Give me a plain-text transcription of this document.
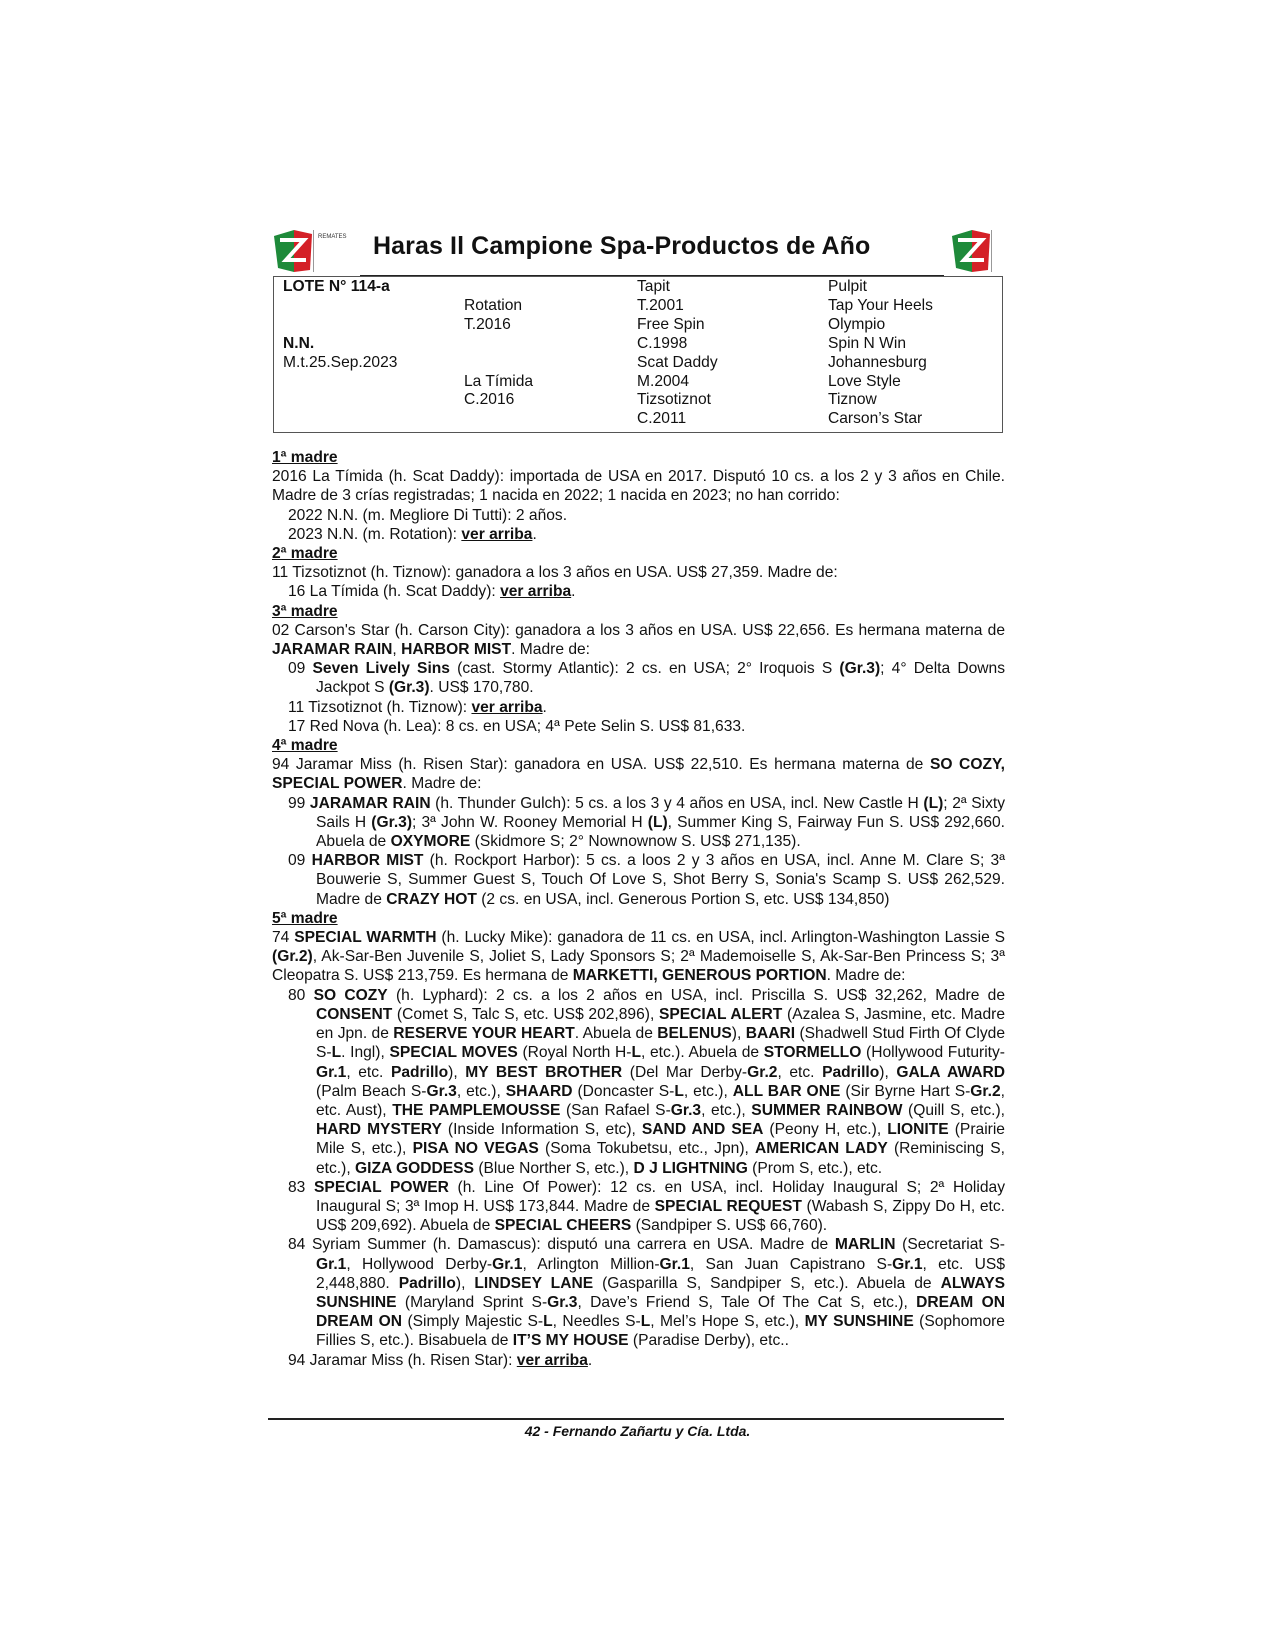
REMATES Haras Il Campione Spa-Productos de Año
LOTE N° 114-a
N.N.
M.t.25.Sep.2023
Rotation
T.2016
La Tímida
C.2016
Tapit
T.2001
Free Spin
C.1998
Scat Daddy
M.2004
Tizsotiznot
C.2011
Pulpit
Tap Your Heels
Olympio
Spin N Win
Johannesburg
Love Style
Tiznow
Carson’s Star

1ª madre

2016 La Tímida (h. Scat Daddy): importada de USA en 2017. Disputó 10 cs. a los 2 y 3 años en Chile. Madre de 3 crías registradas; 1 nacida en 2022; 1 nacida en 2023; no han corrido:

2022 N.N. (m. Megliore Di Tutti): 2 años.

2023 N.N. (m. Rotation): ver arriba.

2ª madre

11 Tizsotiznot (h. Tiznow): ganadora a los 3 años en USA. US$ 27,359. Madre de:

16 La Tímida (h. Scat Daddy): ver arriba.

3ª madre

02 Carson's Star (h. Carson City): ganadora a los 3 años en USA. US$ 22,656. Es hermana materna de JARAMAR RAIN, HARBOR MIST. Madre de:

09 Seven Lively Sins (cast. Stormy Atlantic): 2 cs. en USA; 2° Iroquois S (Gr.3); 4° Delta Downs Jackpot S (Gr.3). US$ 170,780.

11 Tizsotiznot (h. Tiznow): ver arriba.

17 Red Nova (h. Lea): 8 cs. en USA; 4ª Pete Selin S. US$ 81,633.

4ª madre

94 Jaramar Miss (h. Risen Star): ganadora en USA. US$ 22,510. Es hermana materna de SO COZY, SPECIAL POWER. Madre de:

99 JARAMAR RAIN (h. Thunder Gulch): 5 cs. a los 3 y 4 años en USA, incl. New Castle H (L); 2ª Sixty Sails H (Gr.3); 3ª John W. Rooney Memorial H (L), Summer King S, Fairway Fun S. US$ 292,660. Abuela de OXYMORE (Skidmore S; 2° Nownownow S. US$ 271,135).

09 HARBOR MIST (h. Rockport Harbor): 5 cs. a loos 2 y 3 años en USA, incl. Anne M. Clare S; 3ª Bouwerie S, Summer Guest S, Touch Of Love S, Shot Berry S, Sonia's Scamp S. US$ 262,529. Madre de CRAZY HOT (2 cs. en USA, incl. Generous Portion S, etc. US$ 134,850)

5ª madre

74 SPECIAL WARMTH (h. Lucky Mike): ganadora de 11 cs. en USA, incl. Arlington-Washington Lassie S (Gr.2), Ak-Sar-Ben Juvenile S, Joliet S, Lady Sponsors S; 2ª Mademoiselle S, Ak-Sar-Ben Princess S; 3ª Cleopatra S. US$ 213,759. Es hermana de MARKETTI, GENEROUS PORTION. Madre de:

80 SO COZY (h. Lyphard): 2 cs. a los 2 años en USA, incl. Priscilla S. US$ 32,262, Madre de CONSENT (Comet S, Talc S, etc. US$ 202,896), SPECIAL ALERT (Azalea S, Jasmine, etc. Madre en Jpn. de RESERVE YOUR HEART. Abuela de BELENUS), BAARI (Shadwell Stud Firth Of Clyde S-L. Ingl), SPECIAL MOVES (Royal North H-L, etc.). Abuela de STORMELLO (Hollywood Futurity-Gr.1, etc. Padrillo), MY BEST BROTHER (Del Mar Derby-Gr.2, etc. Padrillo), GALA AWARD (Palm Beach S-Gr.3, etc.), SHAARD (Doncaster S-L, etc.), ALL BAR ONE (Sir Byrne Hart S-Gr.2, etc. Aust), THE PAMPLEMOUSSE (San Rafael S-Gr.3, etc.), SUMMER RAINBOW (Quill S, etc.), HARD MYSTERY (Inside Information S, etc), SAND AND SEA (Peony H, etc.), LIONITE (Prairie Mile S, etc.), PISA NO VEGAS (Soma Tokubetsu, etc., Jpn), AMERICAN LADY (Reminiscing S, etc.), GIZA GODDESS (Blue Norther S, etc.), D J LIGHTNING (Prom S, etc.), etc.

83 SPECIAL POWER (h. Line Of Power): 12 cs. en USA, incl. Holiday Inaugural S; 2ª Holiday Inaugural S; 3ª Imop H. US$ 173,844. Madre de SPECIAL REQUEST (Wabash S, Zippy Do H, etc. US$ 209,692). Abuela de SPECIAL CHEERS (Sandpiper S. US$ 66,760).

84 Syriam Summer (h. Damascus): disputó una carrera en USA. Madre de MARLIN (Secretariat S-Gr.1, Hollywood Derby-Gr.1, Arlington Million-Gr.1, San Juan Capistrano S-Gr.1, etc. US$ 2,448,880. Padrillo), LINDSEY LANE (Gasparilla S, Sandpiper S, etc.). Abuela de ALWAYS SUNSHINE (Maryland Sprint S-Gr.3, Dave’s Friend S, Tale Of The Cat S, etc.), DREAM ON DREAM ON (Simply Majestic S-L, Needles S-L, Mel’s Hope S, etc.), MY SUNSHINE (Sophomore Fillies S, etc.). Bisabuela de IT’S MY HOUSE (Paradise Derby), etc..

94 Jaramar Miss (h. Risen Star): ver arriba.

42 - Fernando Zañartu y Cía. Ltda.
